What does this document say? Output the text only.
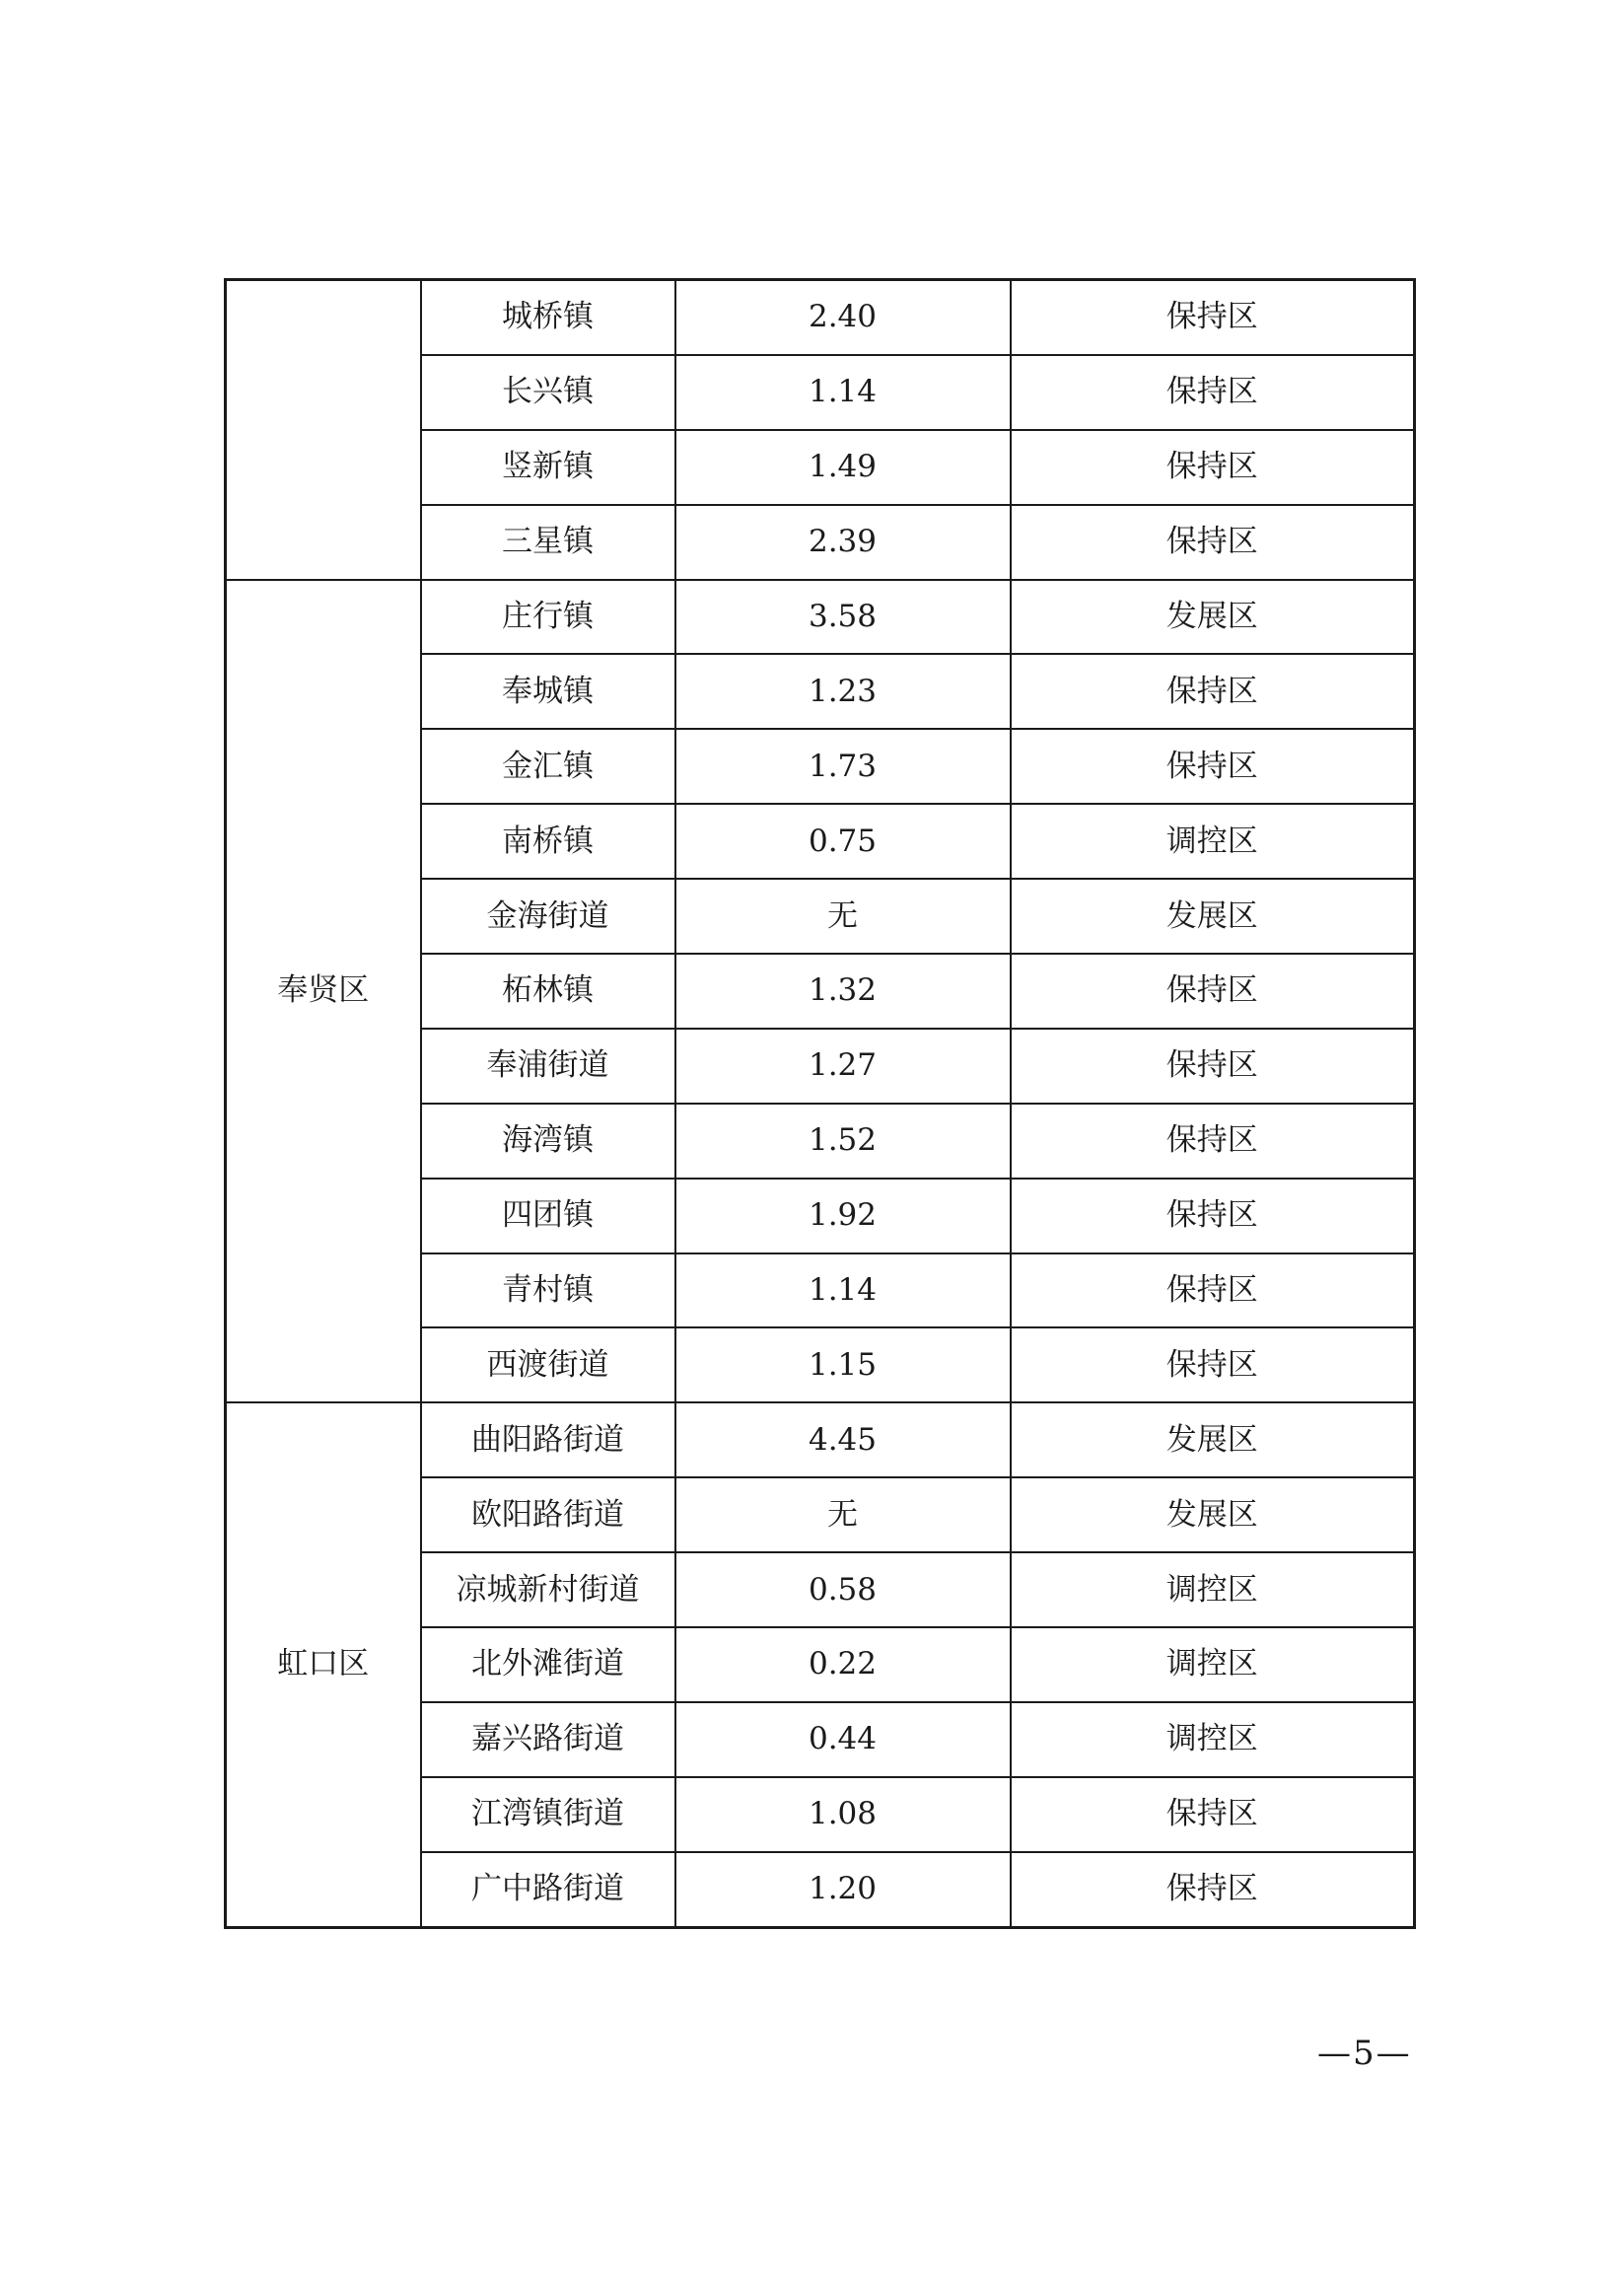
	城桥镇	2.40	保持区
	长兴镇	1.14	保持区
	竖新镇	1.49	保持区
	三星镇	2.39	保持区
奉贤区	庄行镇	3.58	发展区
	奉城镇	1.23	保持区
	金汇镇	1.73	保持区
	南桥镇	0.75	调控区
	金海街道	无	发展区
	柘林镇	1.32	保持区
	奉浦街道	1.27	保持区
	海湾镇	1.52	保持区
	四团镇	1.92	保持区
	青村镇	1.14	保持区
	西渡街道	1.15	保持区
虹口区	曲阳路街道	4.45	发展区
	欧阳路街道	无	发展区
	凉城新村街道	0.58	调控区
	北外滩街道	0.22	调控区
	嘉兴路街道	0.44	调控区
	江湾镇街道	1.08	保持区
	广中路街道	1.20	保持区
—5—
